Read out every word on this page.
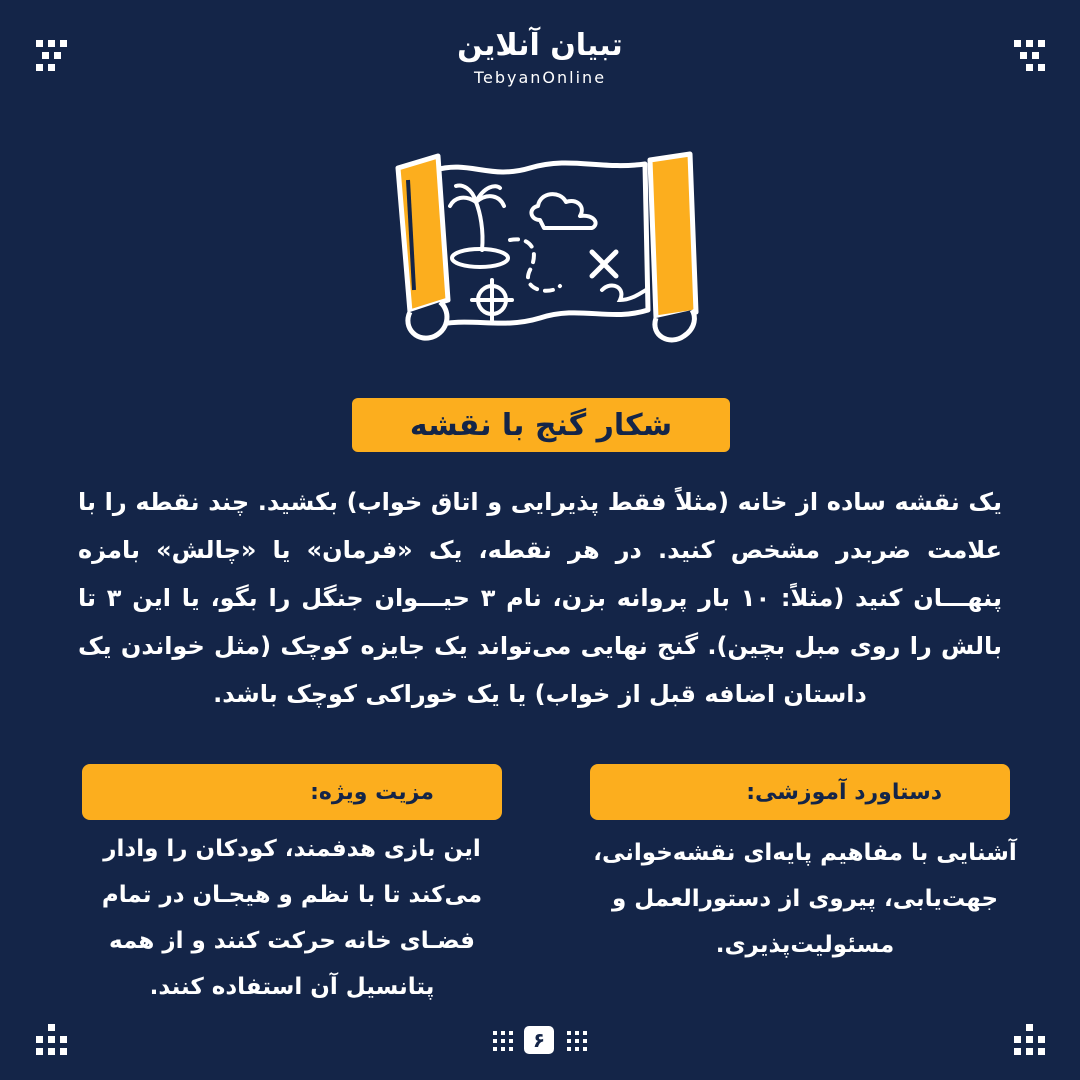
تبیان آنلاین
TebyanOnline
شکار گنج با نقشه

یک نقشه ساده از خانه (مثلاً فقط پذیرایی و اتاق خواب) بکشید. چند نقطه را با علامت ضربدر مشخص کنید. در هر نقطه، یک «فرمان» یا «چالش» بامزه پنهـــان کنید (مثلاً: ۱۰ بار پروانه بزن، نام ۳ حیـــوان جنگل را بگو، یا این ۳ تا بالش را روی مبل بچین). گنج نهایی می‌تواند یک جایزه کوچک (مثل خواندن یک داستان اضافه قبل از خواب) یا یک خوراکی کوچک باشد.

دستاورد آموزشی:

آشنایی با مفاهیم پایه‌ای نقشه‌خوانی، جهت‌یابی، پیروی از دستورالعمل و مسئولیت‌پذیری.

مزیت ویژه:

این بازی هدفمند، کودکان را وادار می‌کند تا با نظم و هیجـان در تمام فضـای خانه حرکت کنند و از همه پتانسیل آن استفاده کنند.

۶
